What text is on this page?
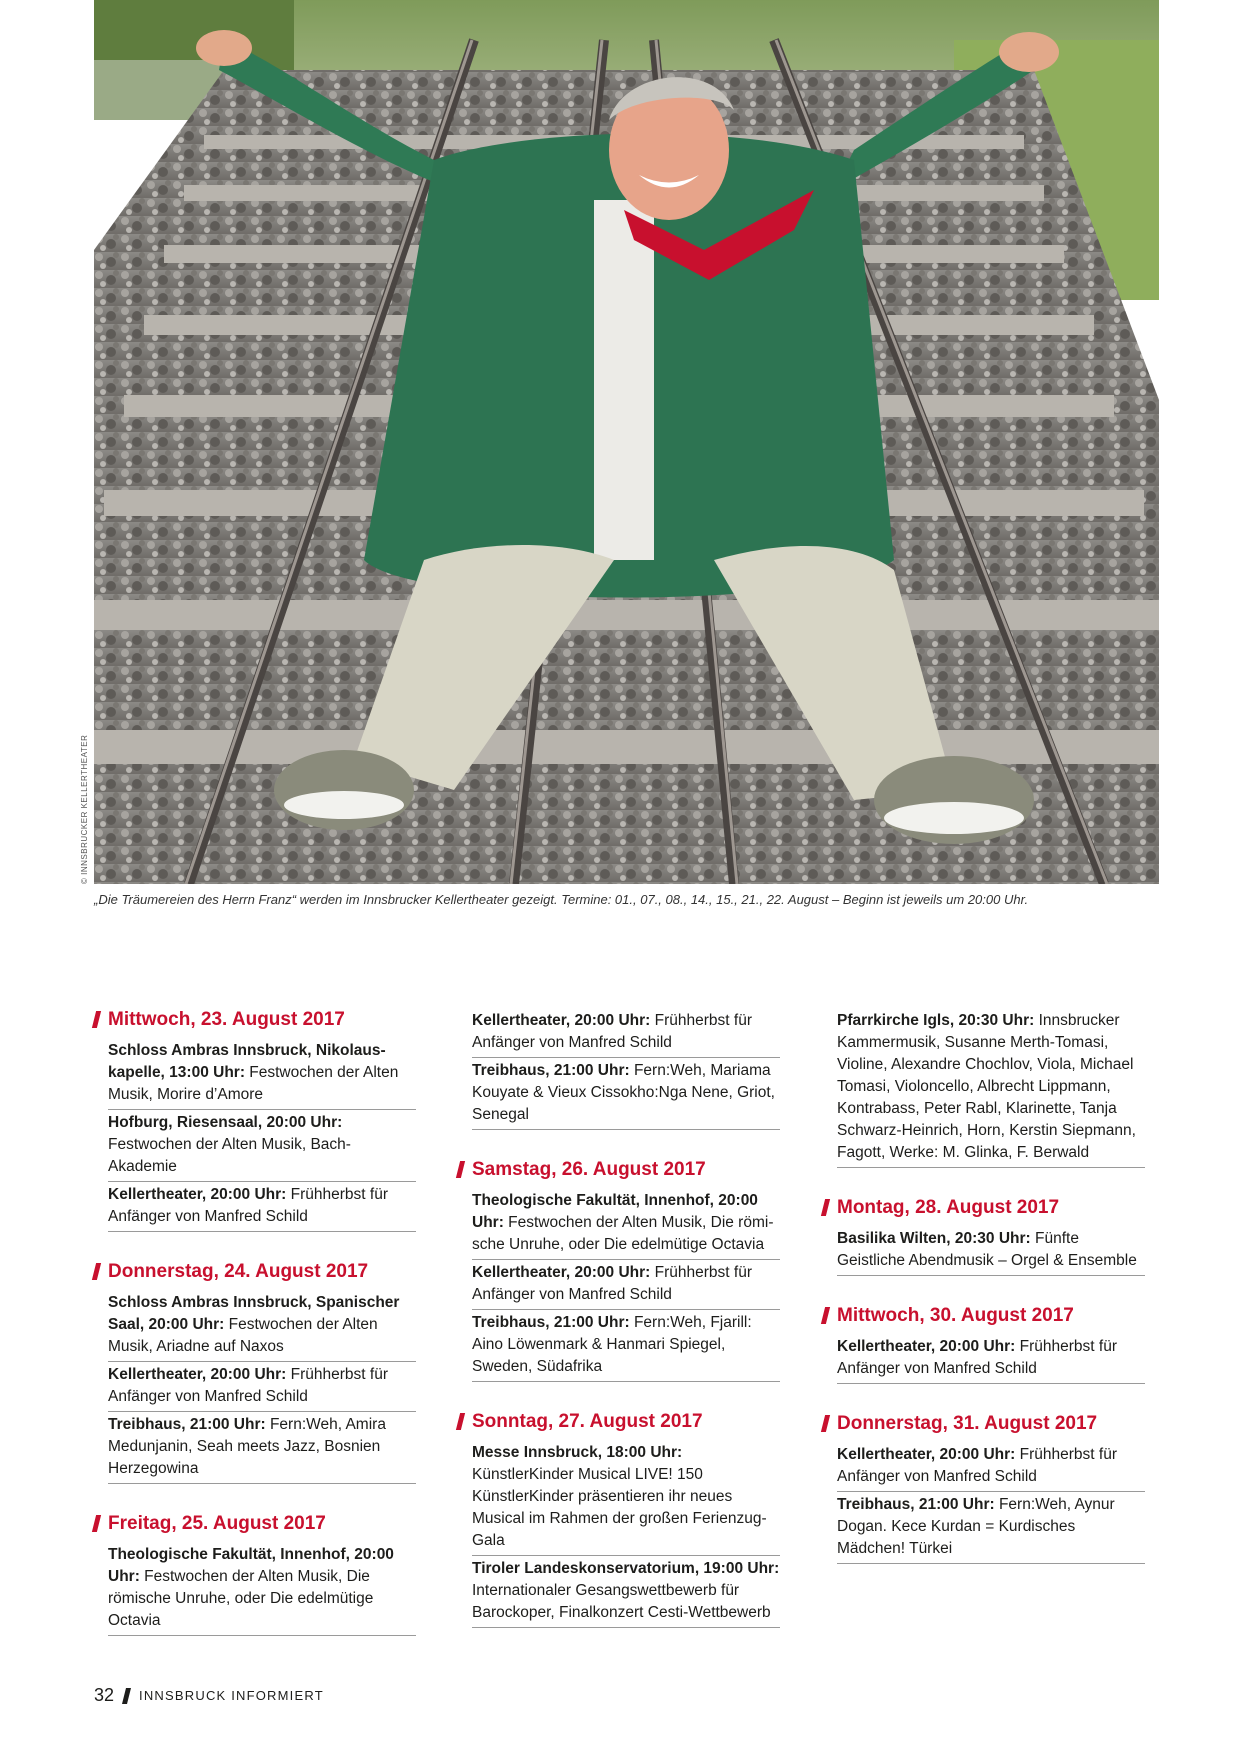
© INNSBRUCKER KELLERTHEATER
„Die Träumereien des Herrn Franz“ werden im Innsbrucker Kellertheater gezeigt. Termine: 01., 07., 08., 14., 15., 21., 22. August – Beginn ist jeweils um 20:00 Uhr.
Mittwoch, 23. August 2017
Schloss Ambras Innsbruck, Nikolauskapelle, 13:00 Uhr: Festwochen der Alten Musik, Morire d’Amore
Hofburg, Riesensaal, 20:00 Uhr: Festwochen der Alten Musik, Bach-Akademie
Kellertheater, 20:00 Uhr: Frühherbst für Anfänger von Manfred Schild
Donnerstag, 24. August 2017
Schloss Ambras Innsbruck, Spanischer Saal, 20:00 Uhr: Festwochen der Alten Musik, Ariadne auf Naxos
Kellertheater, 20:00 Uhr: Frühherbst für Anfänger von Manfred Schild
Treibhaus, 21:00 Uhr: Fern:Weh, Amira Medunjanin, Seah meets Jazz, Bosnien Herzegowina
Freitag, 25. August 2017
Theologische Fakultät, Innenhof, 20:00 Uhr: Festwochen der Alten Musik, Die römische Unruhe, oder Die edelmütige Octavia
Kellertheater, 20:00 Uhr: Frühherbst für Anfänger von Manfred Schild
Treibhaus, 21:00 Uhr: Fern:Weh, Mariama Kouyate & Vieux Cissokho:Nga Nene, Griot, Senegal
Samstag, 26. August 2017
Theologische Fakultät, Innenhof, 20:00 Uhr: Festwochen der Alten Musik, Die römische Unruhe, oder Die edelmütige Octavia
Kellertheater, 20:00 Uhr: Frühherbst für Anfänger von Manfred Schild
Treibhaus, 21:00 Uhr: Fern:Weh, Fjarill: Aino Löwenmark & Hanmari Spiegel, Sweden, Südafrika
Sonntag, 27. August 2017
Messe Innsbruck, 18:00 Uhr: KünstlerKinder Musical LIVE! 150 KünstlerKinder präsentieren ihr neues Musical im Rahmen der großen Ferienzug-Gala
Tiroler Landeskonservatorium, 19:00 Uhr: Internationaler Gesangswettbewerb für Barockoper, Finalkonzert Cesti-Wettbewerb
Pfarrkirche Igls, 20:30 Uhr: Innsbrucker Kammermusik, Susanne Merth-Tomasi, Violine, Alexandre Chochlov, Viola, Michael Tomasi, Violoncello, Albrecht Lippmann, Kontrabass, Peter Rabl, Klarinette, Tanja Schwarz-Heinrich, Horn, Kerstin Siepmann, Fagott, Werke: M. Glinka, F. Berwald
Montag, 28. August 2017
Basilika Wilten, 20:30 Uhr: Fünfte Geistliche Abendmusik – Orgel & Ensemble
Mittwoch, 30. August 2017
Kellertheater, 20:00 Uhr: Frühherbst für Anfänger von Manfred Schild
Donnerstag, 31. August 2017
Kellertheater, 20:00 Uhr: Frühherbst für Anfänger von Manfred Schild
Treibhaus, 21:00 Uhr: Fern:Weh, Aynur Dogan. Kece Kurdan = Kurdisches Mädchen! Türkei
32 INNSBRUCK INFORMIERT
